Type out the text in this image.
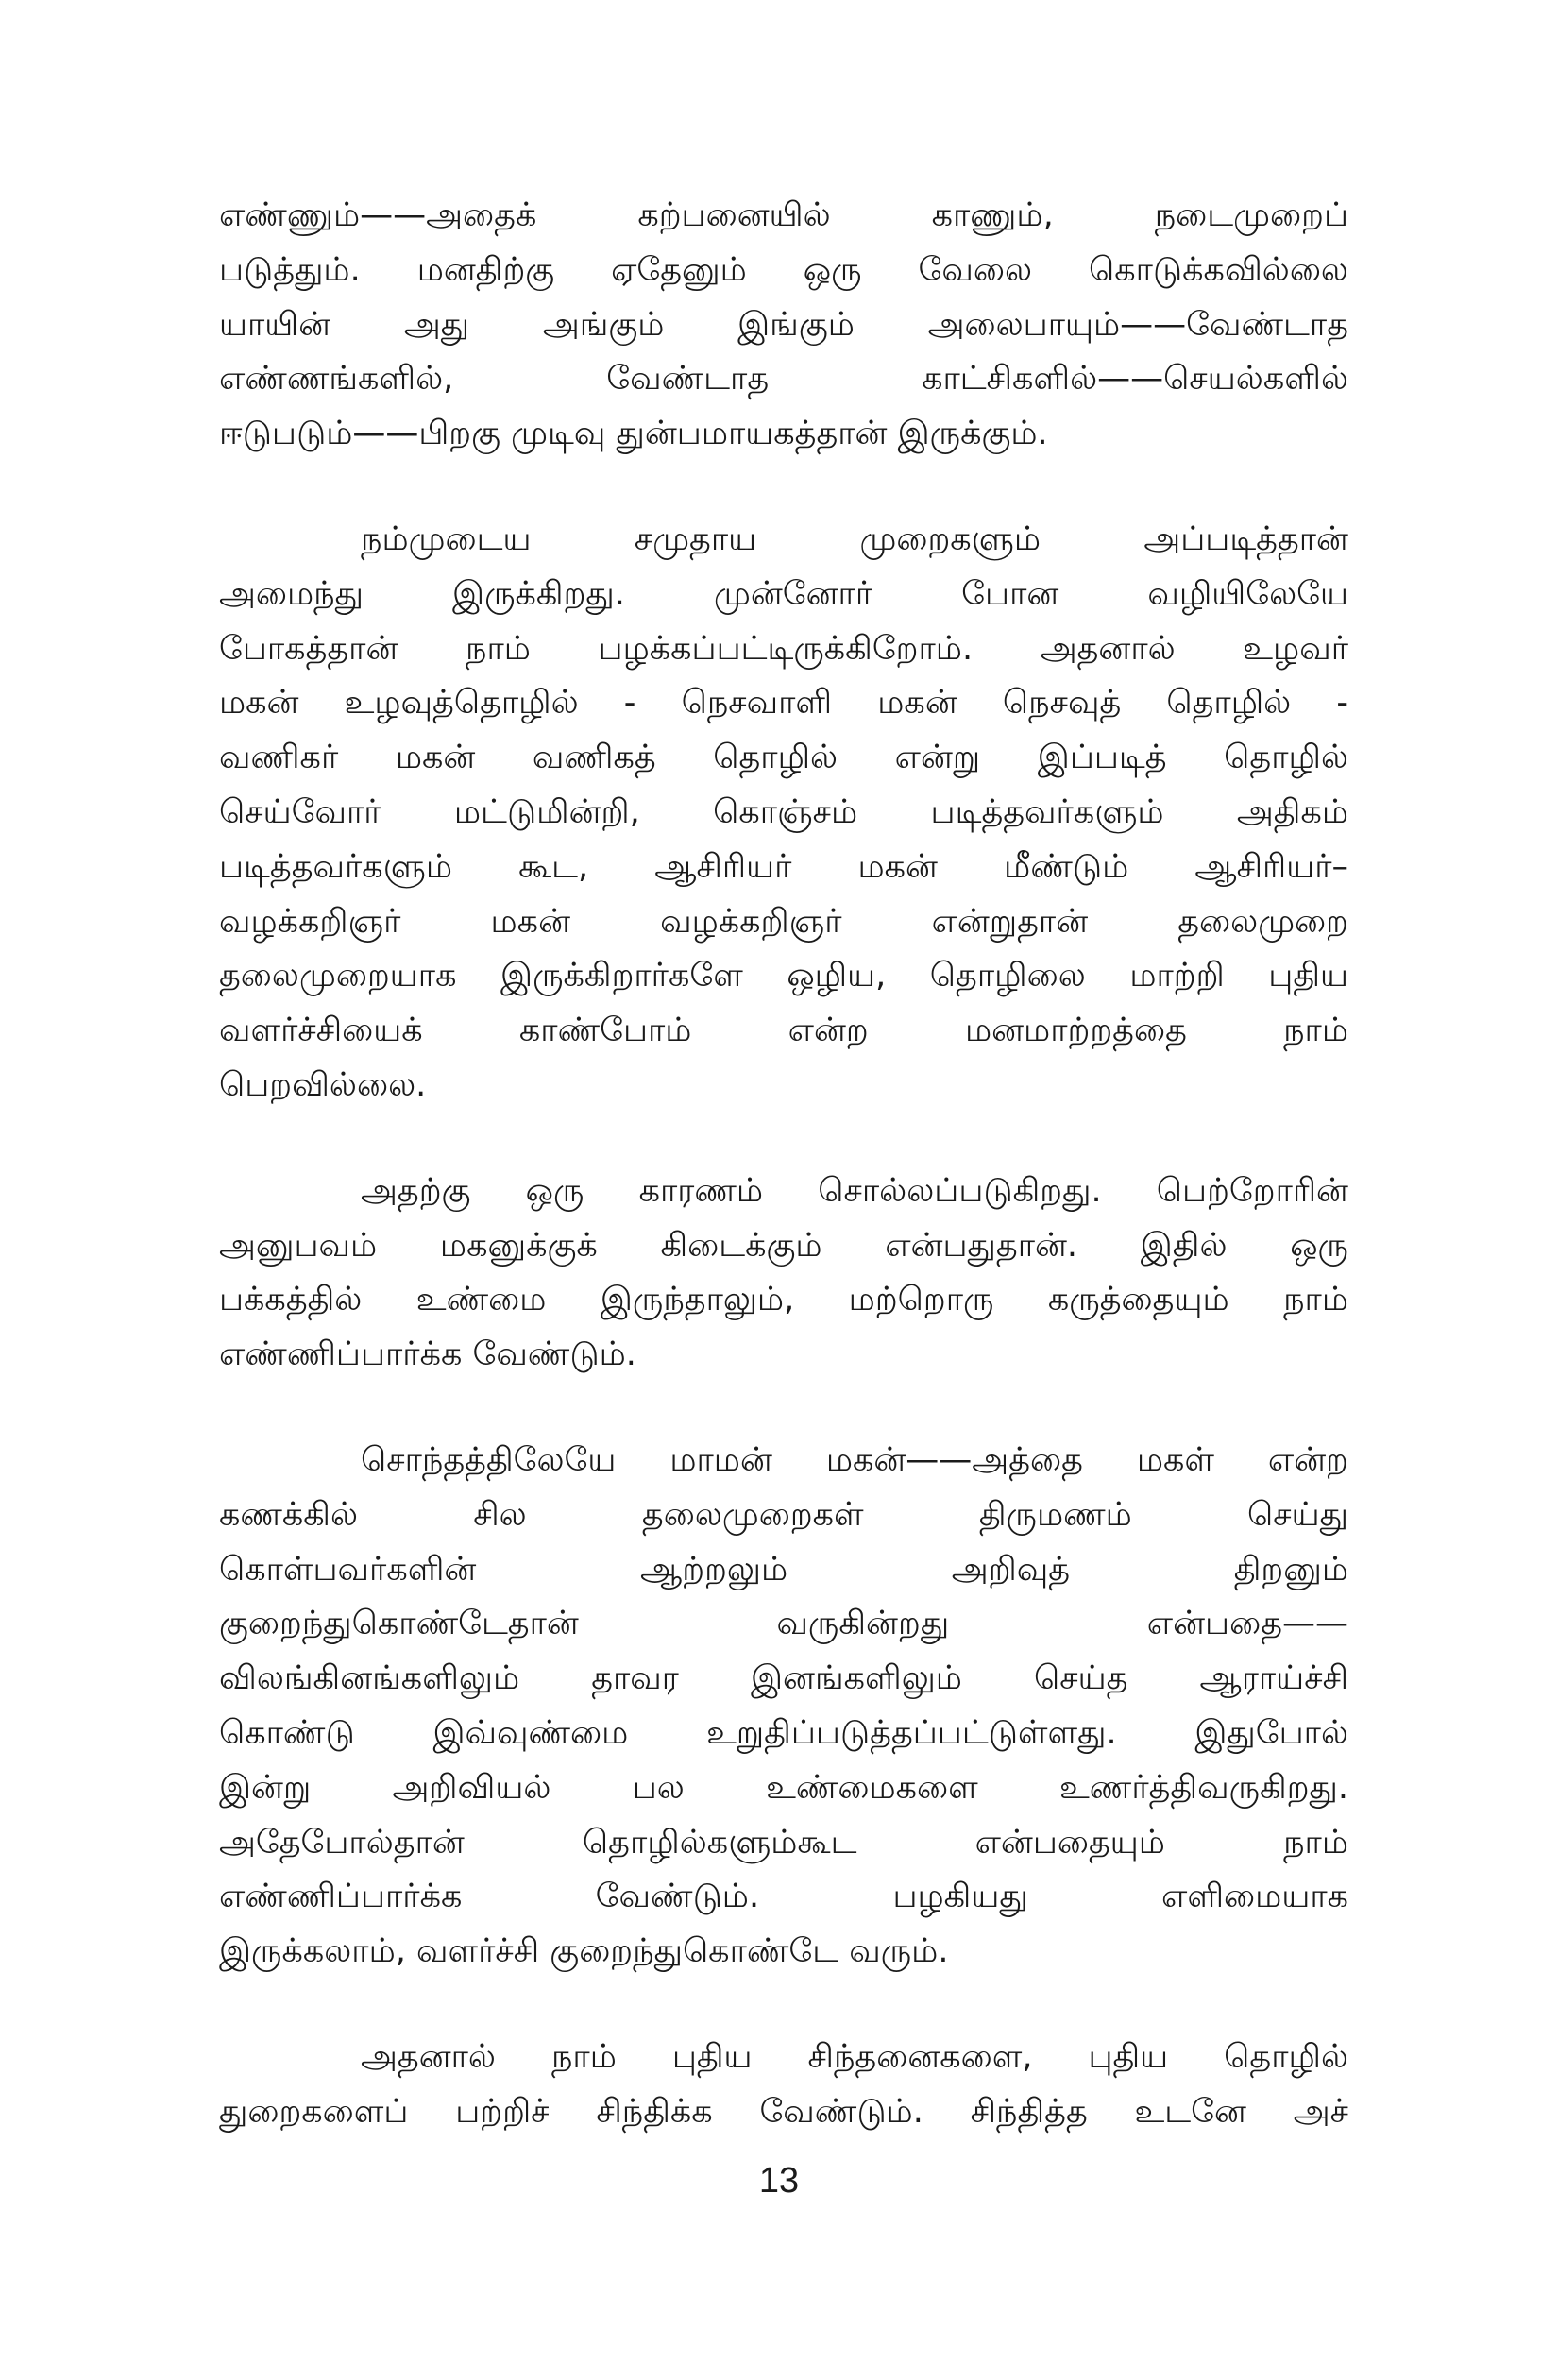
எண்ணும்——அதைக் கற்பனையில் காணும், நடைமுறைப்
படுத்தும். மனதிற்கு ஏதேனும் ஒரு வேலை கொடுக்கவில்லை
யாயின் அது அங்கும் இங்கும் அலைபாயும்——வேண்டாத
எண்ணங்களில், வேண்டாத காட்சிகளில்——செயல்களில்
ஈடுபடும்——பிறகு முடிவு துன்பமாயகத்தான் இருக்கும்.
நம்முடைய சமுதாய முறைகளும் அப்படித்தான்
அமைந்து இருக்கிறது. முன்னோர் போன வழியிலேயே
போகத்தான் நாம் பழக்கப்பட்டிருக்கிறோம். அதனால் உழவர்
மகன் உழவுத்தொழில் - நெசவாளி மகன் நெசவுத் தொழில் -
வணிகர் மகன் வணிகத் தொழில் என்று இப்படித் தொழில்
செய்வோர் மட்டுமின்றி, கொஞ்சம் படித்தவர்களும் அதிகம்
படித்தவர்களும் கூட, ஆசிரியர் மகன் மீண்டும் ஆசிரியர்–
வழக்கறிஞர் மகன் வழக்கறிஞர் என்றுதான் தலைமுறை
தலைமுறையாக இருக்கிறார்களே ஒழிய, தொழிலை மாற்றி புதிய
வளர்ச்சியைக் காண்போம் என்ற மனமாற்றத்தை நாம்
பெறவில்லை.
அதற்கு ஒரு காரணம் சொல்லப்படுகிறது. பெற்றோரின்
அனுபவம் மகனுக்குக் கிடைக்கும் என்பதுதான். இதில் ஒரு
பக்கத்தில் உண்மை இருந்தாலும், மற்றொரு கருத்தையும் நாம்
எண்ணிப்பார்க்க வேண்டும்.
சொந்தத்திலேயே மாமன் மகன்——அத்தை மகள் என்ற
கணக்கில் சில தலைமுறைகள் திருமணம் செய்து
கொள்பவர்களின் ஆற்றலும் அறிவுத் திறனும்
குறைந்துகொண்டேதான் வருகின்றது என்பதை——
விலங்கினங்களிலும் தாவர இனங்களிலும் செய்த ஆராய்ச்சி
கொண்டு இவ்வுண்மை உறுதிப்படுத்தப்பட்டுள்ளது. இதுபோல்
இன்று அறிவியல் பல உண்மைகளை உணர்த்திவருகிறது.
அதேபோல்தான் தொழில்களும்கூட என்பதையும் நாம்
எண்ணிப்பார்க்க வேண்டும். பழகியது எளிமையாக
இருக்கலாம், வளர்ச்சி குறைந்துகொண்டே வரும்.
அதனால் நாம் புதிய சிந்தனைகளை, புதிய தொழில்
துறைகளைப் பற்றிச் சிந்திக்க வேண்டும். சிந்தித்த உடனே அச்
13
